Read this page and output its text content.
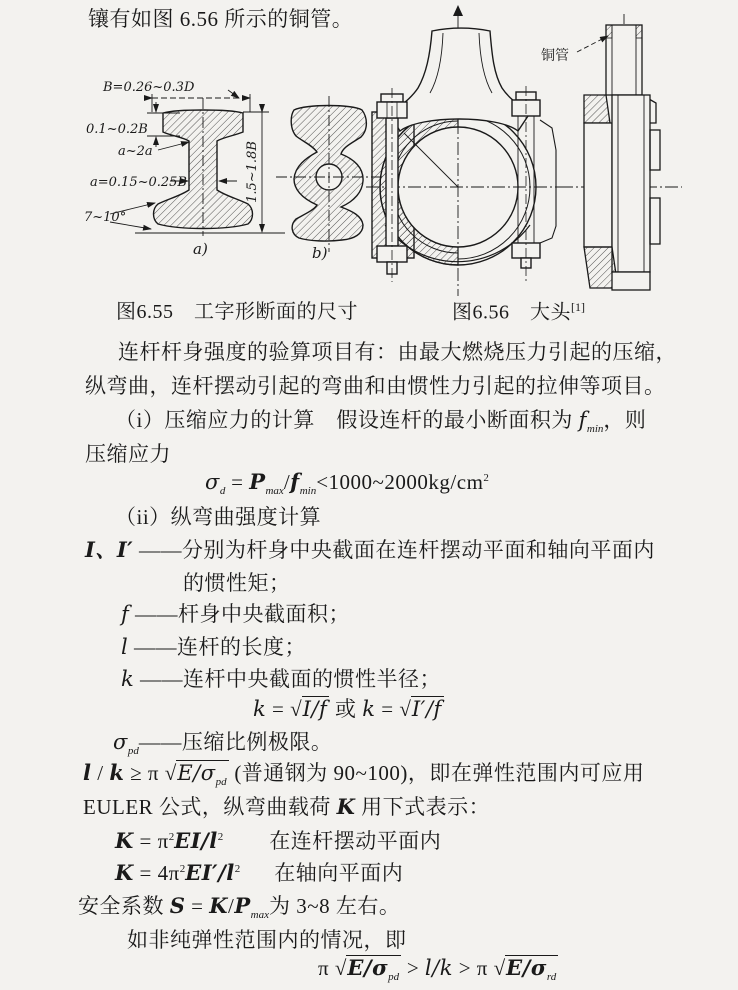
B=0.26~0.3D
0.1~0.2B
a~2a
a=0.15~0.25B
7~10°
1.5~1.8B
a)	b)
铜管
镶有如图 6.56 所示的铜管。
图6.55　工字形断面的尺寸	图6.56　大头[1]
连杆杆身强度的验算项目有：由最大燃烧压力引起的压缩，
纵弯曲，连杆摆动引起的弯曲和由惯性力引起的拉伸等项目。
（i）压缩应力的计算　假设连杆的最小断面积为 $f_{min}$，则
压缩应力
$\sigma_d$ = $P_{max}/f_{min}<1000\sim 2000kg/cm^2$
（ii）纵弯曲强度计算
I、I′ ——分别为杆身中央截面在连杆摆动平面和轴向平面内
的惯性矩；
f ——杆身中央截面积；
l ——连杆的长度；
k ——连杆中央截面的惯性半径；
k = √I/f 或 k = √I′/f
$\sigma_{pd}——$压缩比例极限。
l / k ≥ π $√E/\sigma_{pd}$ (普通钢为 90~100)，即在弹性范围内可应用
EULER 公式，纵弯曲载荷 K 用下式表示：
$K = \pi^2EI/l^2$ 在连杆摆动平面内
$K = 4\pi^2EI'/l^2$ 在轴向平面内
安全系数 $S = K/P_{max}$为 3~8 左右。
如非纯弹性范围内的情况，即
π $√E/\sigma_{pd} > l/k > \pi$ $√E/\sigma_{rd}$
